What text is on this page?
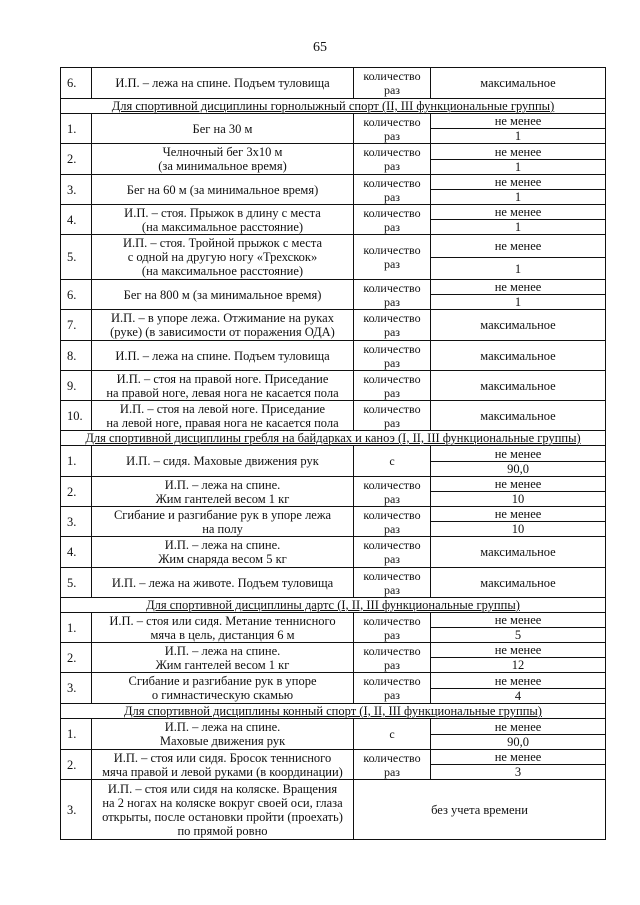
65
6.	И.П. – лежа на спине. Подъем туловища	количество
раз	максимальное
Для спортивной дисциплины горнолыжный спорт (II, III функциональные группы)			
1.	Бег на 30 м	количество
раз	не менее
			1
2.	Челночный бег 3х10 м
(за минимальное время)	количество
раз	не менее
			1
3.	Бег на 60 м (за минимальное время)	количество
раз	не менее
			1
4.	И.П. – стоя. Прыжок в длину с места
(на максимальное расстояние)	количество
раз	не менее
			1
5.	И.П. – стоя. Тройной прыжок с места
с одной на другую ногу «Трехскок»
(на максимальное расстояние)	количество
раз	не менее
			1
6.	Бег на 800 м (за минимальное время)	количество
раз	не менее
			1
7.	И.П. – в упоре лежа. Отжимание на руках
(руке) (в зависимости от поражения ОДА)	количество
раз	максимальное
8.	И.П. – лежа на спине. Подъем туловища	количество
раз	максимальное
9.	И.П. – стоя на правой ноге. Приседание
на правой ноге, левая нога не касается пола	количество
раз	максимальное
10.	И.П. – стоя на левой ноге. Приседание
на левой ноге, правая нога не касается пола	количество
раз	максимальное
Для спортивной дисциплины гребля на байдарках и каноэ (I, II, III функциональные группы)			
1.	И.П. – сидя. Маховые движения рук	с	не менее
			90,0
2.	И.П. – лежа на спине.
Жим гантелей весом 1 кг	количество
раз	не менее
			10
3.	Сгибание и разгибание рук в упоре лежа
на полу	количество
раз	не менее
			10
4.	И.П. – лежа на спине.
Жим снаряда весом 5 кг	количество
раз	максимальное
5.	И.П. – лежа на животе. Подъем туловища	количество
раз	максимальное
Для спортивной дисциплины дартс (I, II, III функциональные группы)			
1.	И.П. – стоя или сидя. Метание теннисного
мяча в цель, дистанция 6 м	количество
раз	не менее
			5
2.	И.П. – лежа на спине.
Жим гантелей весом 1 кг	количество
раз	не менее
			12
3.	Сгибание и разгибание рук в упоре
о гимнастическую скамью	количество
раз	не менее
			4
Для спортивной дисциплины конный спорт (I, II, III функциональные группы)			
1.	И.П. – лежа на спине.
Маховые движения рук	с	не менее
			90,0
2.	И.П. – стоя или сидя. Бросок теннисного
мяча правой и левой руками (в координации)	количество
раз	не менее
			3
3.	И.П. – стоя или сидя на коляске. Вращения
на 2 ногах на коляске вокруг своей оси, глаза
открыты, после остановки пройти (проехать)
по прямой ровно	без учета времени	
